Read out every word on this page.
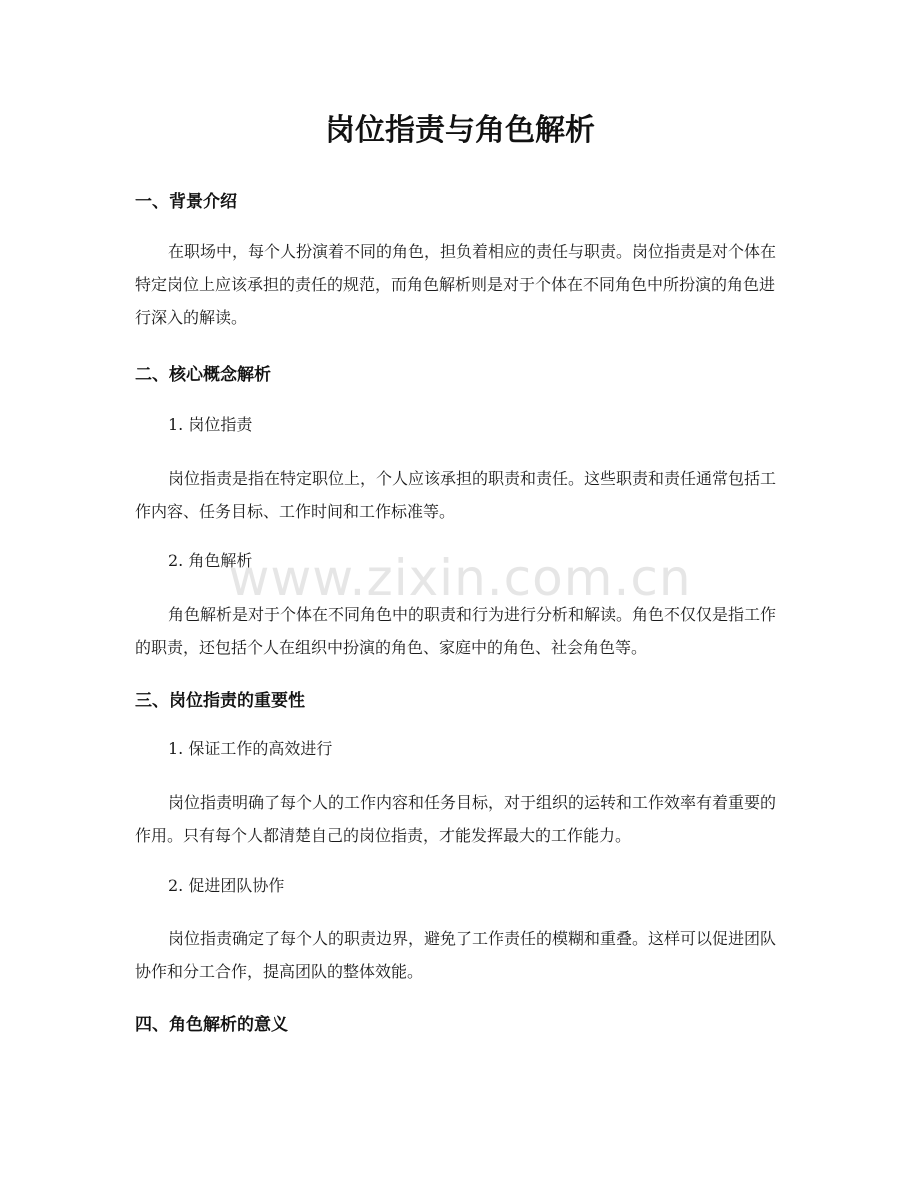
岗位指责与角色解析
一、背景介绍

在职场中，每个人扮演着不同的角色，担负着相应的责任与职责。岗位指责是对个体在特定岗位上应该承担的责任的规范，而角色解析则是对于个体在不同角色中所扮演的角色进行深入的解读。

二、核心概念解析

1. 岗位指责

岗位指责是指在特定职位上，个人应该承担的职责和责任。这些职责和责任通常包括工作内容、任务目标、工作时间和工作标准等。

2. 角色解析

角色解析是对于个体在不同角色中的职责和行为进行分析和解读。角色不仅仅是指工作的职责，还包括个人在组织中扮演的角色、家庭中的角色、社会角色等。

三、岗位指责的重要性

1. 保证工作的高效进行

岗位指责明确了每个人的工作内容和任务目标，对于组织的运转和工作效率有着重要的作用。只有每个人都清楚自己的岗位指责，才能发挥最大的工作能力。

2. 促进团队协作

岗位指责确定了每个人的职责边界，避免了工作责任的模糊和重叠。这样可以促进团队协作和分工合作，提高团队的整体效能。

四、角色解析的意义
www.zixin.com.cn
